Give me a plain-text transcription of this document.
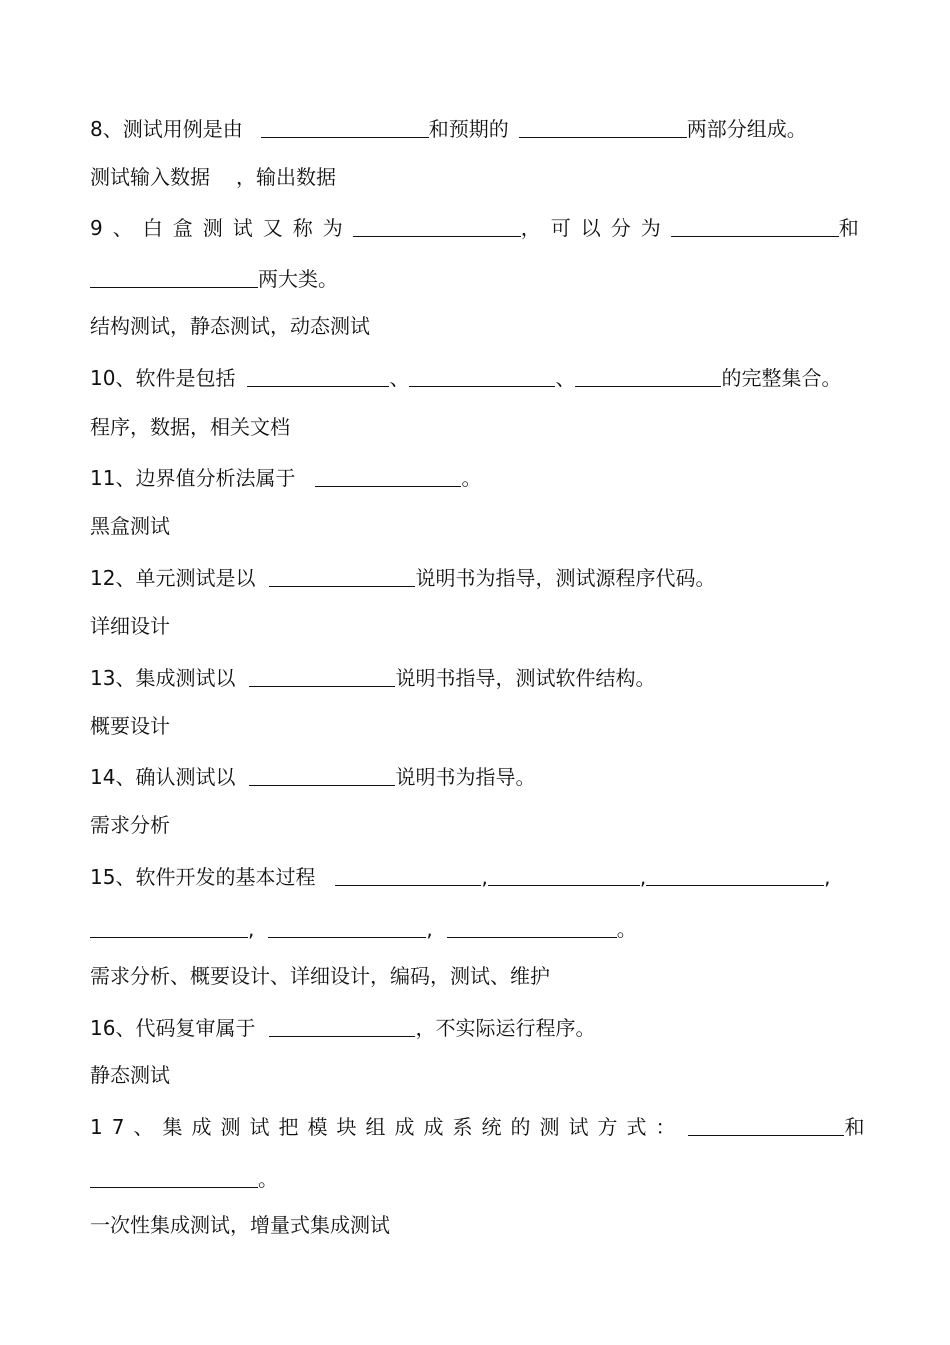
8、测试用例是由	和预期的	两部分组成。
测试输入数据 ，输出数据
9、白盒测试又称为	，可以分为	和
两大类。
结构测试，静态测试，动态测试
10、软件是包括	、	、	的完整集合。
程序，数据，相关文档
11、边界值分析法属于	。
黑盒测试
12、单元测试是以	说明书为指导，测试源程序代码。
详细设计
13、集成测试以	说明书指导，测试软件结构。
概要设计
14、确认测试以	说明书为指导。
需求分析
15、软件开发的基本过程	,	,	,
,	,	。
需求分析、概要设计、详细设计，编码，测试、维护
16、代码复审属于	，不实际运行程序。
静态测试
17、集成测试把模块组成成系统的测试方式：	和
。
一次性集成测试，增量式集成测试
